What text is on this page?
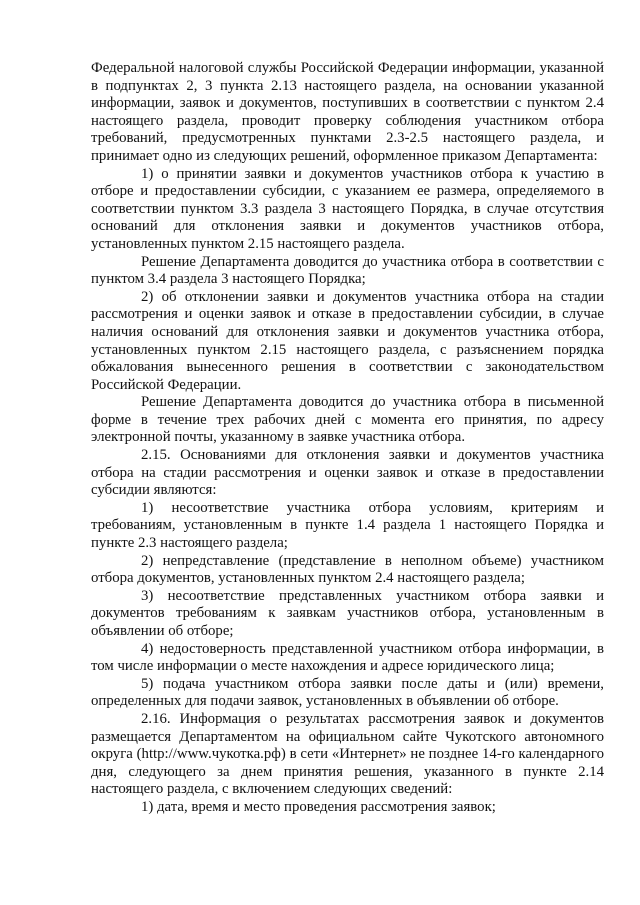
Федеральной налоговой службы Российской Федерации информации, указанной в подпунктах 2, 3 пункта 2.13 настоящего раздела, на основании указанной информации, заявок и документов, поступивших в соответствии с пунктом 2.4 настоящего раздела, проводит проверку соблюдения участником отбора требований, предусмотренных пунктами 2.3-2.5 настоящего раздела, и принимает одно из следующих решений, оформленное приказом Департамента:

1) о принятии заявки и документов участников отбора к участию в отборе и предоставлении субсидии, с указанием ее размера, определяемого в соответствии пунктом 3.3 раздела 3 настоящего Порядка, в случае отсутствия оснований для отклонения заявки и документов участников отбора, установленных пунктом 2.15 настоящего раздела.

Решение Департамента доводится до участника отбора в соответствии с пунктом 3.4 раздела 3 настоящего Порядка;

2) об отклонении заявки и документов участника отбора на стадии рассмотрения и оценки заявок и отказе в предоставлении субсидии, в случае наличия оснований для отклонения заявки и документов участника отбора, установленных пунктом 2.15 настоящего раздела, с разъяснением порядка обжалования вынесенного решения в соответствии с законодательством Российской Федерации.

Решение Департамента доводится до участника отбора в письменной форме в течение трех рабочих дней с момента его принятия, по адресу электронной почты, указанному в заявке участника отбора.

2.15. Основаниями для отклонения заявки и документов участника отбора на стадии рассмотрения и оценки заявок и отказе в предоставлении субсидии являются:

1) несоответствие участника отбора условиям, критериям и требованиям, установленным в пункте 1.4 раздела 1 настоящего Порядка и пункте 2.3 настоящего раздела;

2) непредставление (представление в неполном объеме) участником отбора документов, установленных пунктом 2.4 настоящего раздела;

3) несоответствие представленных участником отбора заявки и документов требованиям к заявкам участников отбора, установленным в объявлении об отборе;

4) недостоверность представленной участником отбора информации, в том числе информации о месте нахождения и адресе юридического лица;

5) подача участником отбора заявки после даты и (или) времени, определенных для подачи заявок, установленных в объявлении об отборе.

2.16. Информация о результатах рассмотрения заявок и документов размещается Департаментом на официальном сайте Чукотского автономного округа (http://www.чукотка.рф) в сети «Интернет» не позднее 14-го календарного дня, следующего за днем принятия решения, указанного в пункте 2.14 настоящего раздела, с включением следующих сведений:

1) дата, время и место проведения рассмотрения заявок;
